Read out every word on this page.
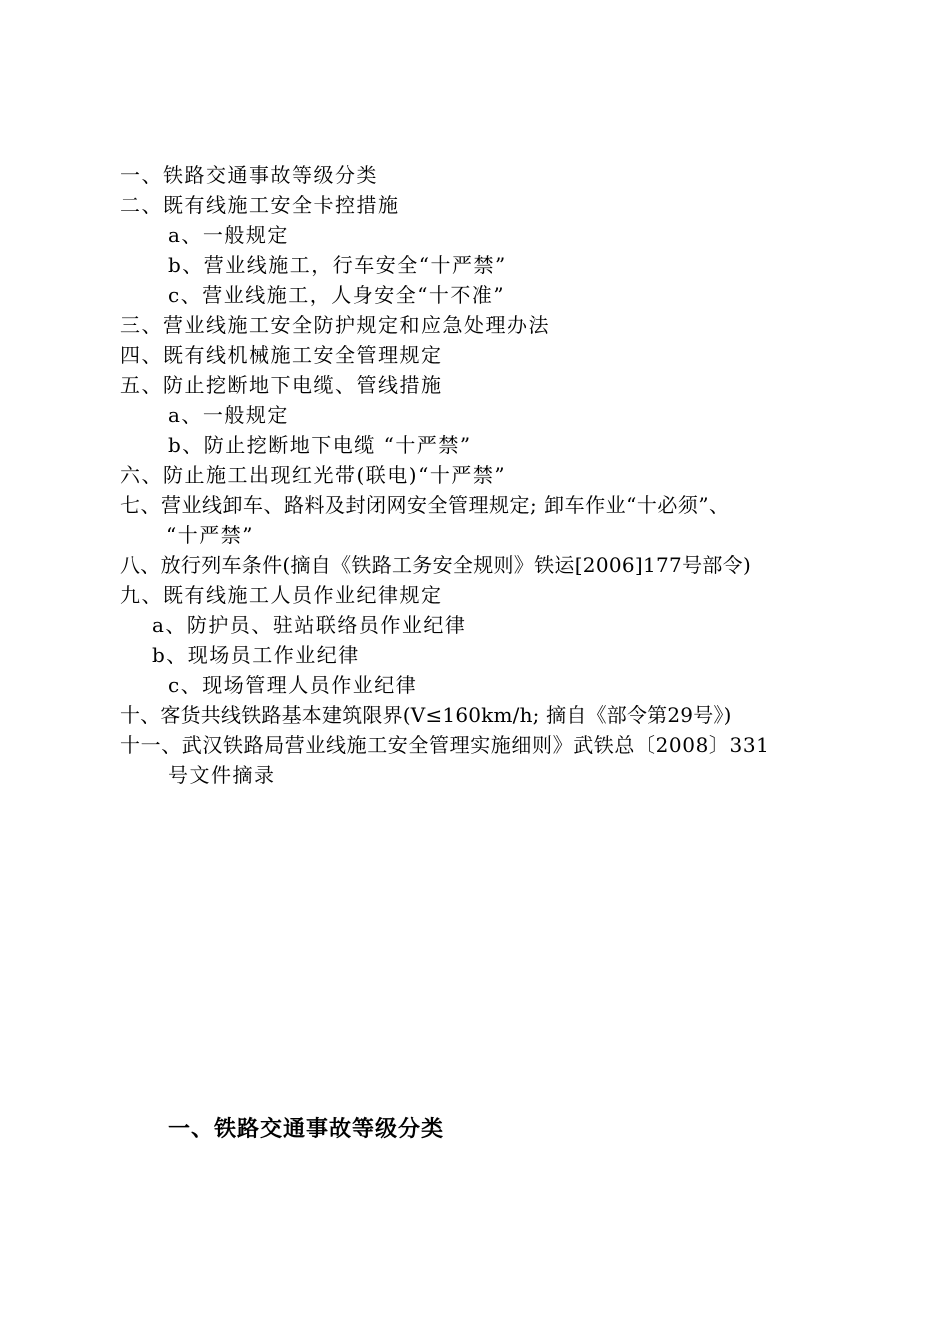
一、铁路交通事故等级分类
二、既有线施工安全卡控措施
a、一般规定
b、营业线施工，行车安全“十严禁”
c、营业线施工，人身安全“十不准”
三、营业线施工安全防护规定和应急处理办法
四、既有线机械施工安全管理规定
五、防止挖断地下电缆、管线措施
a、一般规定
b、防止挖断地下电缆 “十严禁”
六、防止施工出现红光带(联电)“十严禁”
七、营业线卸车、路料及封闭网安全管理规定; 卸车作业“十必须”、
“十严禁”
八、放行列车条件(摘自《铁路工务安全规则》铁运[2006]177号部令)
九、既有线施工人员作业纪律规定
a、防护员、驻站联络员作业纪律
b、现场员工作业纪律
c、现场管理人员作业纪律
十、客货共线铁路基本建筑限界(V≤160km/h; 摘自《部令第29号》)
十一、武汉铁路局营业线施工安全管理实施细则》武铁总〔2008〕331
号文件摘录
一、铁路交通事故等级分类
